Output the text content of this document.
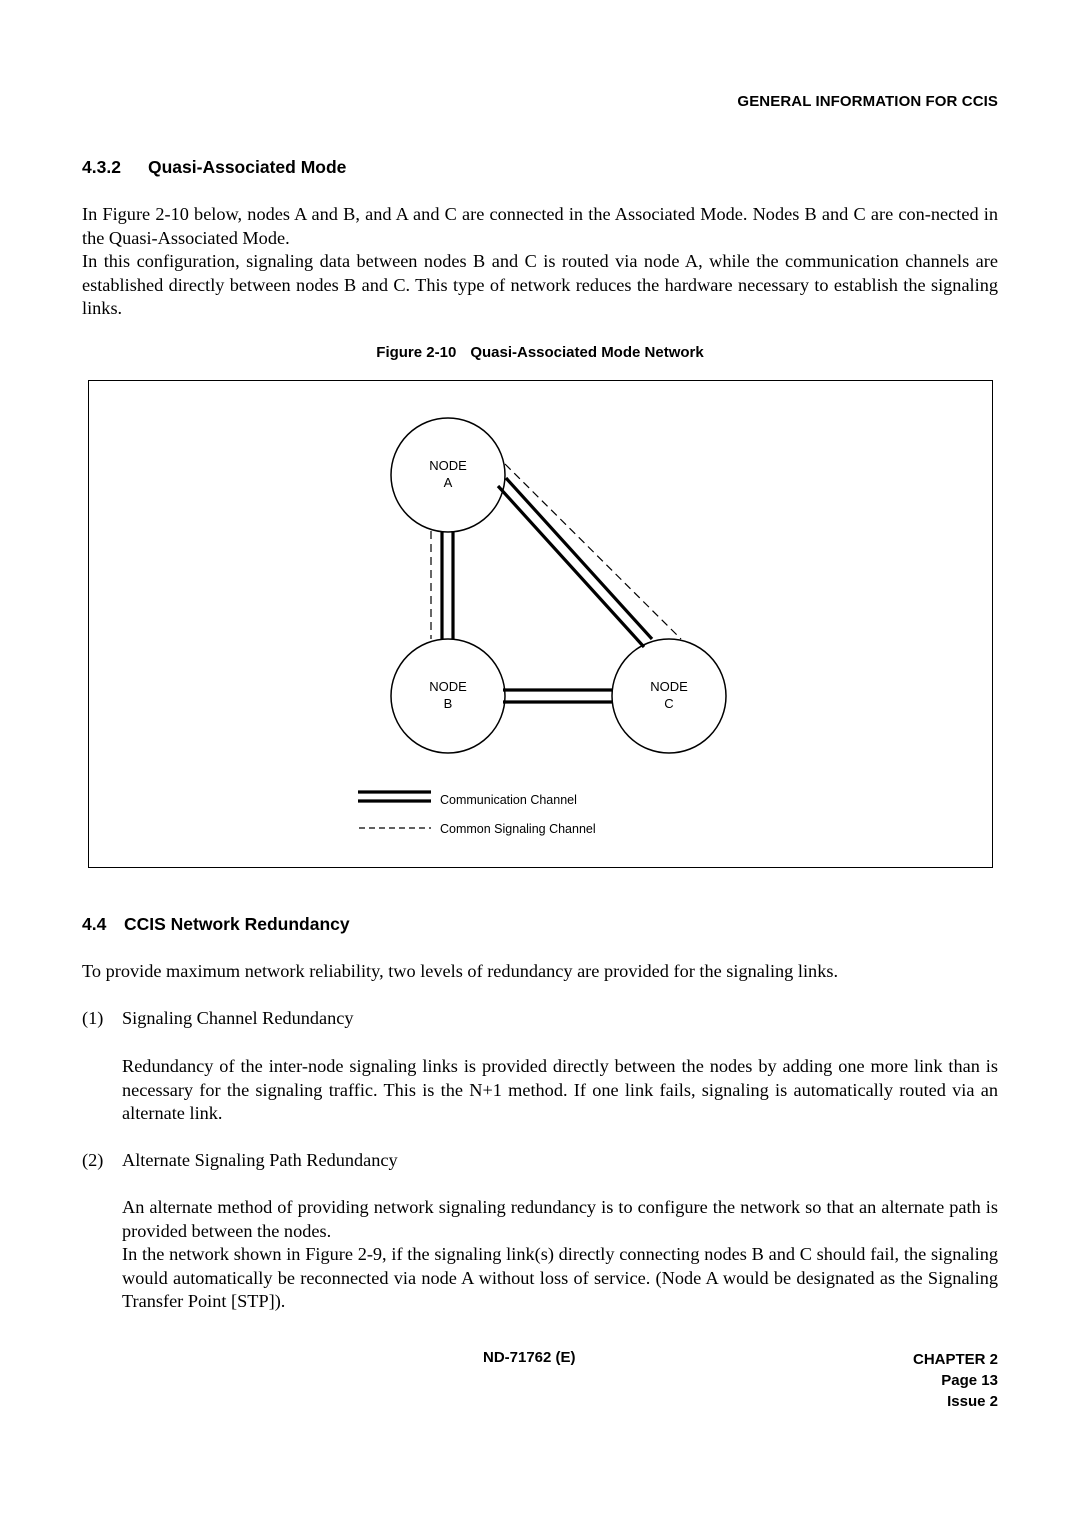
GENERAL INFORMATION FOR CCIS
4.3.2 Quasi-Associated Mode
In Figure 2-10 below, nodes A and B, and A and C are connected in the Associated Mode. Nodes B and C are con-nected in the Quasi-Associated Mode.
In this configuration, signaling data between nodes B and C is routed via node A, while the communication channels are established directly between nodes B and C. This type of network reduces the hardware necessary to establish the signaling links.
Figure 2-10 Quasi-Associated Mode Network
NODE
A
NODE
B
NODE
C
Communication Channel
Common Signaling Channel
4.4 CCIS Network Redundancy
To provide maximum network reliability, two levels of redundancy are provided for the signaling links.
(1) Signaling Channel Redundancy
Redundancy of the inter-node signaling links is provided directly between the nodes by adding one more link than is necessary for the signaling traffic. This is the N+1 method. If one link fails, signaling is automatically routed via an alternate link.
(2) Alternate Signaling Path Redundancy
An alternate method of providing network signaling redundancy is to configure the network so that an alternate path is provided between the nodes.
In the network shown in Figure 2-9, if the signaling link(s) directly connecting nodes B and C should fail, the signaling would automatically be reconnected via node A without loss of service. (Node A would be designated as the Signaling Transfer Point [STP]).
ND-71762 (E)	CHAPTER 2
Page 13
Issue 2
